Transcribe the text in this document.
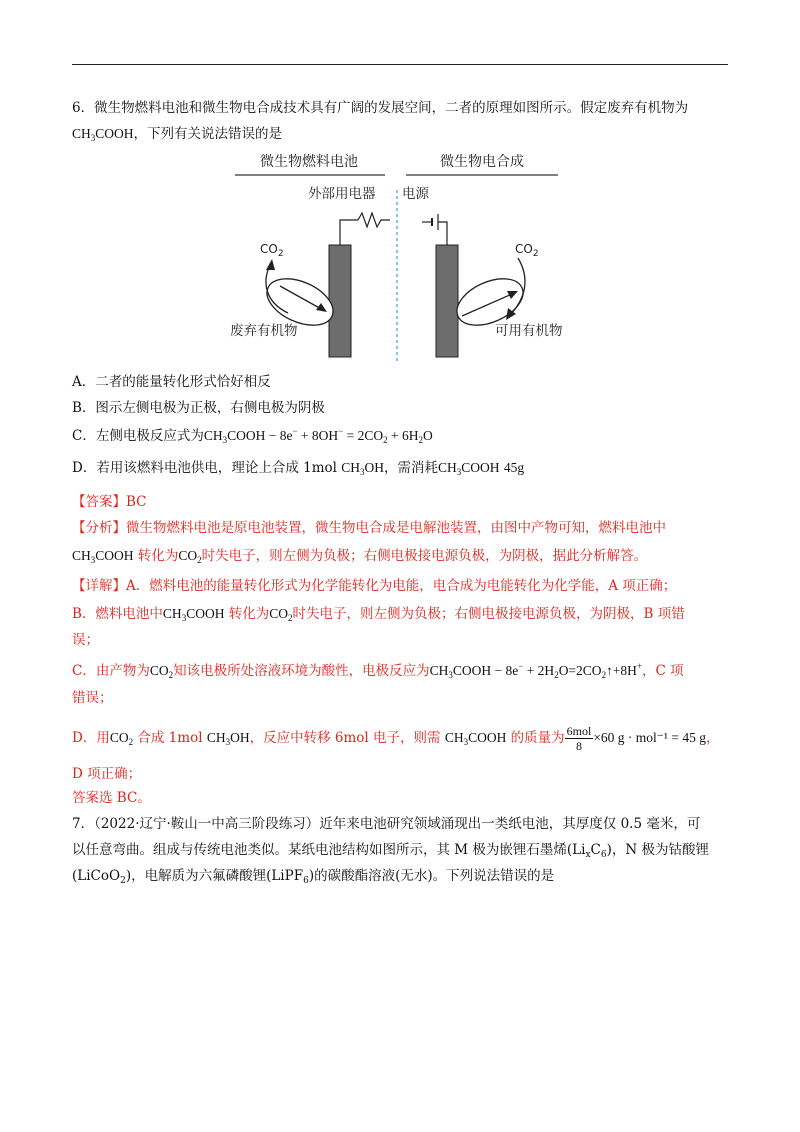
6．微生物燃料电池和微生物电合成技术具有广阔的发展空间，二者的原理如图所示。假定废弃有机物为
$CH_3COOH$，下列有关说法错误的是
微生物燃料电池	微生物电合成
外部用电器 电源
$CO_2$	$CO_2$
废弃有机物	可用有机物
A．二者的能量转化形式恰好相反
B．图示左侧电极为正极，右侧电极为阴极
C．左侧电极反应式为$CH_3COOH - 8e^- + 8OH^- = 2CO_2 + 6H_2O$
D．若用该燃料电池供电，理论上合成 1mol $CH_3OH$，需消耗$CH_3COOH$ 45g
【答案】BC
【分析】微生物燃料电池是原电池装置，微生物电合成是电解池装置，由图中产物可知，燃料电池中
$CH_3COOH$ 转化为$CO_2$时失电子，则左侧为负极；右侧电极接电源负极，为阴极，据此分析解答。
【详解】A．燃料电池的能量转化形式为化学能转化为电能，电合成为电能转化为化学能，A 项正确；
B．燃料电池中$CH_3COOH$ 转化为$CO_2$时失电子，则左侧为负极；右侧电极接电源负极，为阴极，B 项错
误；
C．由产物为$CO_2$知该电极所处溶液环境为酸性，电极反应为$CH_3COOH - 8e^-$ + $2H_2O=2CO_2↑+8H^+$，C 项
错误；
D．用$CO_2$ 合成 1mol $CH_3OH$，反应中转移 6mol 电子，则需 $CH_3COOH$ 的质量为 $\frac{\text{6mol}}{8} \times 60$ g · mol⁻¹ = 45 g，
D 项正确；
答案选 BC。
7．（2022·辽宁·鞍山一中高三阶段练习）近年来电池研究领域涌现出一类纸电池，其厚度仅 0.5 毫米，可
以任意弯曲。组成与传统电池类似。某纸电池结构如图所示，其 M 极为嵌锂石墨烯$(Li_xC_6)$，N 极为钴酸锂
(LiCoO$_2$)，电解质为六氟磷酸锂(LiPF$_6$)的碳酸酯溶液(无水)。下列说法错误的是
